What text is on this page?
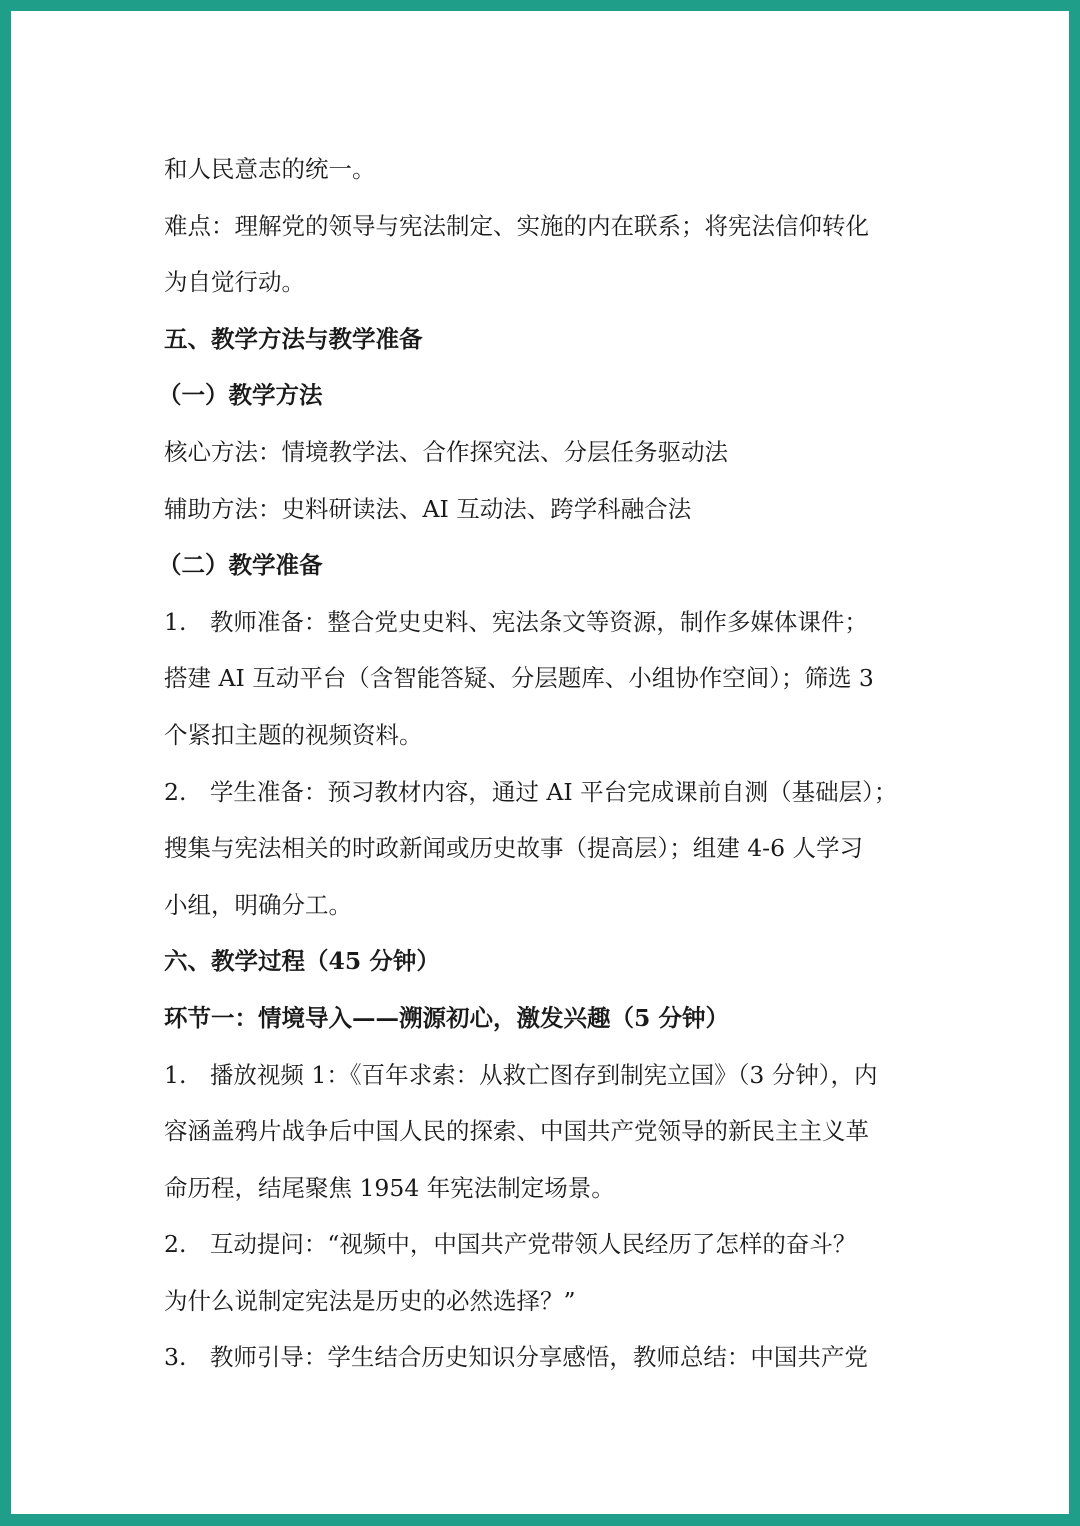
和人民意志的统一。
难点：理解党的领导与宪法制定、实施的内在联系；将宪法信仰转化
为自觉行动。
五、教学方法与教学准备
（一）教学方法
核心方法：情境教学法、合作探究法、分层任务驱动法
辅助方法：史料研读法、AI 互动法、跨学科融合法
（二）教学准备
1.　教师准备：整合党史史料、宪法条文等资源，制作多媒体课件；
搭建 AI 互动平台（含智能答疑、分层题库、小组协作空间）；筛选 3
个紧扣主题的视频资料。
2.　学生准备：预习教材内容，通过 AI 平台完成课前自测（基础层）；
搜集与宪法相关的时政新闻或历史故事（提高层）；组建 4-6 人学习
小组，明确分工。
六、教学过程（45 分钟）
环节一：情境导入——溯源初心，激发兴趣（5 分钟）
1.　播放视频 1：《百年求索：从救亡图存到制宪立国》（3 分钟），内
容涵盖鸦片战争后中国人民的探索、中国共产党领导的新民主主义革
命历程，结尾聚焦 1954 年宪法制定场景。
2.　互动提问：“视频中，中国共产党带领人民经历了怎样的奋斗？
为什么说制定宪法是历史的必然选择？”
3.　教师引导：学生结合历史知识分享感悟，教师总结：中国共产党
